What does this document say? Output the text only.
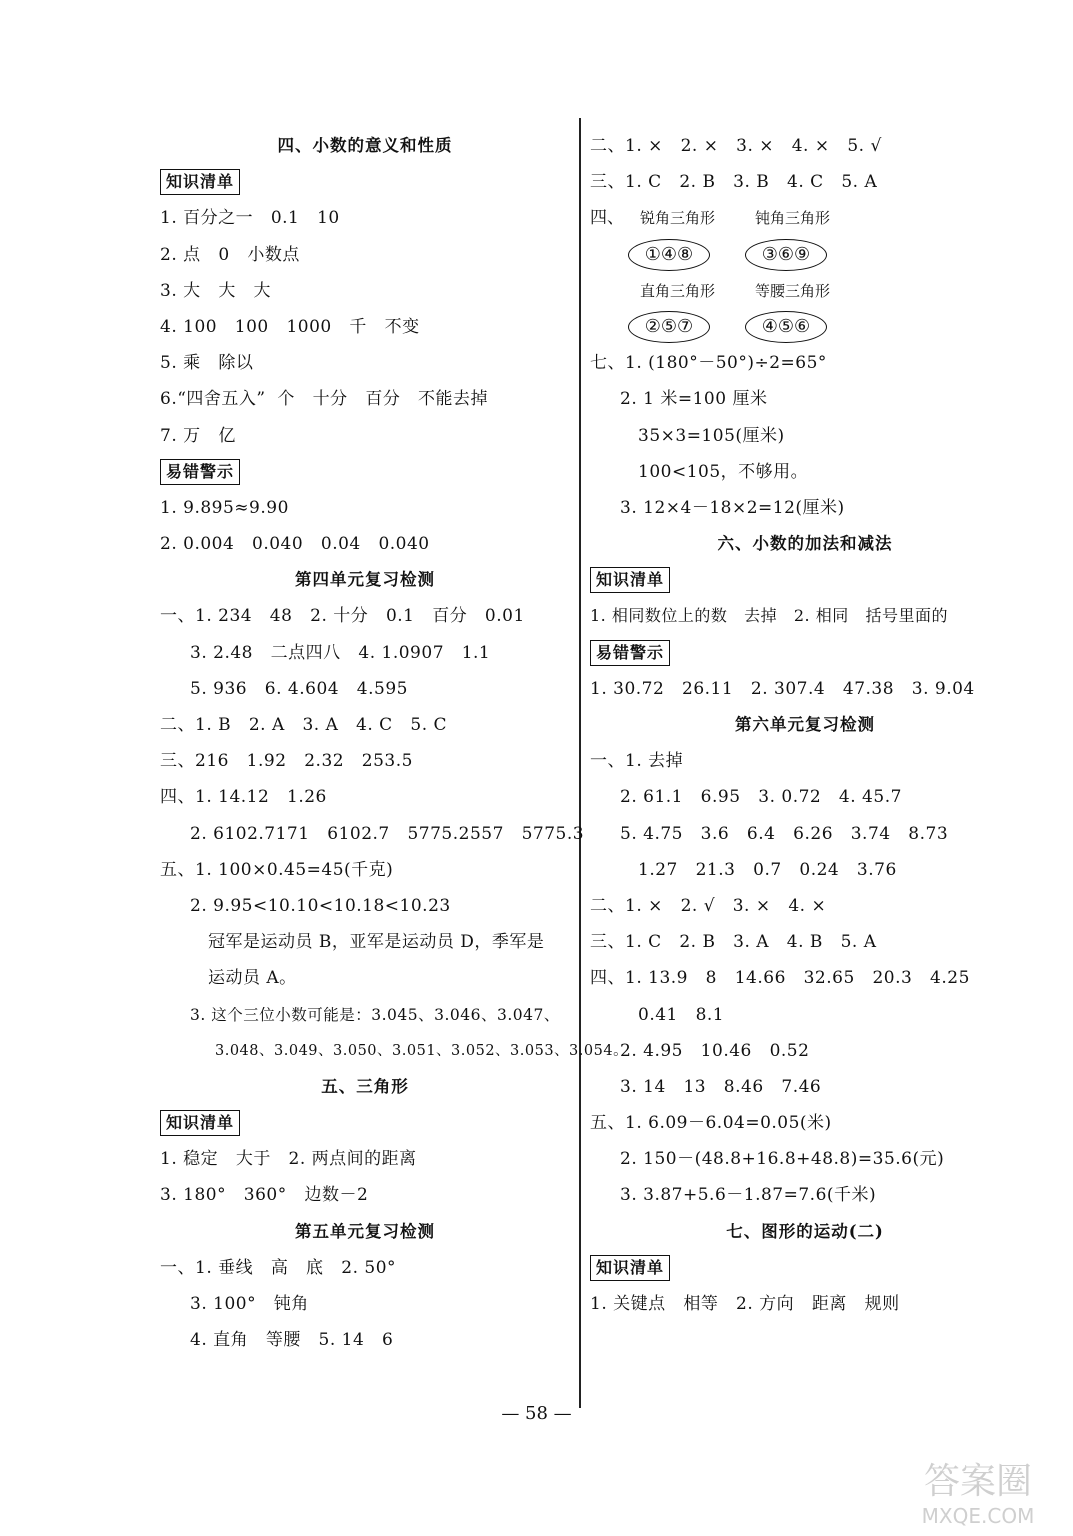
四、小数的意义和性质
知识清单
1. 百分之一   0.1   10
2. 点   0   小数点
3. 大   大   大
4. 100   100   1000   千   不变
5. 乘   除以
6.“四舍五入”  个   十分   百分   不能去掉
7. 万   亿
易错警示
1. 9.895≈9.90
2. 0.004   0.040   0.04   0.040
第四单元复习检测
一、1. 234   48   2. 十分   0.1   百分   0.01
3. 2.48   二点四八   4. 1.0907   1.1
5. 936   6. 4.604   4.595
二、1. B   2. A   3. A   4. C   5. C
三、216   1.92   2.32   253.5
四、1. 14.12   1.26
2. 6102.7171   6102.7   5775.2557   5775.3
五、1. 100×0.45=45(千克)
2. 9.95<10.10<10.18<10.23
冠军是运动员 B，亚军是运动员 D，季军是
运动员 A。
3. 这个三位小数可能是：3.045、3.046、3.047、
3.048、3.049、3.050、3.051、3.052、3.053、3.054。
五、三角形
知识清单
1. 稳定   大于   2. 两点间的距离
3. 180°   360°   边数－2
第五单元复习检测
一、1. 垂线   高   底   2. 50°
3. 100°   钝角
4. 直角   等腰   5. 14   6
二、1. ×   2. ×   3. ×   4. ×   5. √
三、1. C   2. B   3. B   4. C   5. A
四、	锐角三角形	钝角三角形
①④⑧	③⑥⑨
直角三角形	等腰三角形
②⑤⑦	④⑤⑥
七、1. (180°－50°)÷2=65°
2. 1 米=100 厘米
35×3=105(厘米)
100<105，不够用。
3. 12×4－18×2=12(厘米)
六、小数的加法和减法
知识清单
1. 相同数位上的数   去掉   2. 相同   括号里面的
易错警示
1. 30.72   26.11   2. 307.4   47.38   3. 9.04
第六单元复习检测
一、1. 去掉
2. 61.1   6.95   3. 0.72   4. 45.7
5. 4.75   3.6   6.4   6.26   3.74   8.73
1.27   21.3   0.7   0.24   3.76
二、1. ×   2. √   3. ×   4. ×
三、1. C   2. B   3. A   4. B   5. A
四、1. 13.9   8   14.66   32.65   20.3   4.25
0.41   8.1
2. 4.95   10.46   0.52
3. 14   13   8.46   7.46
五、1. 6.09－6.04=0.05(米)
2. 150－(48.8+16.8+48.8)=35.6(元)
3. 3.87+5.6－1.87=7.6(千米)
七、图形的运动(二)
知识清单
1. 关键点   相等   2. 方向   距离   规则
— 58 —
答案圈
MXQE.COM
